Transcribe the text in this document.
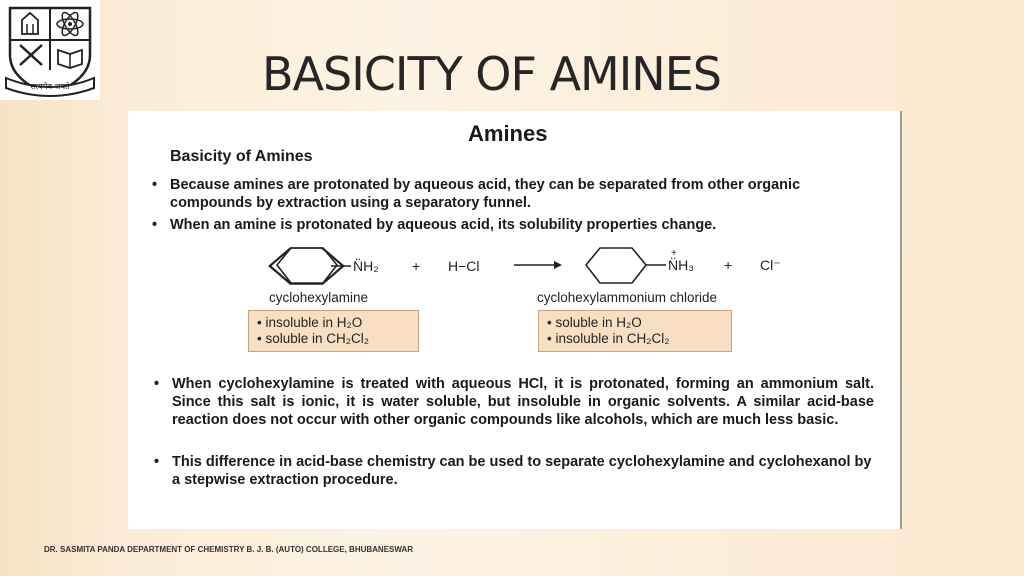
सत्यमेव जयते	BASICITY OF AMINES
Amines
Basicity of Amines
• Because amines are protonated by aqueous acid, they can be separated from other organic compounds by extraction using a separatory funnel.
• When an amine is protonated by aqueous acid, its solubility properties change.
N̈H₂ + H−Cl	N̈H₃
+
+ Cl⁻
cyclohexylamine	cyclohexylammonium chloride
• insoluble in H₂O
• soluble in CH₂Cl₂
• soluble in H₂O
• insoluble in CH₂Cl₂
• When cyclohexylamine is treated with aqueous HCl, it is protonated, forming an ammonium salt. Since this salt is ionic, it is water soluble, but insoluble in organic solvents. A similar acid-base reaction does not occur with other organic compounds like alcohols, which are much less basic.
• This difference in acid-base chemistry can be used to separate cyclohexylamine and cyclohexanol by a stepwise extraction procedure.
DR. SASMITA PANDA DEPARTMENT OF CHEMISTRY B. J. B. (AUTO) COLLEGE, BHUBANESWAR
